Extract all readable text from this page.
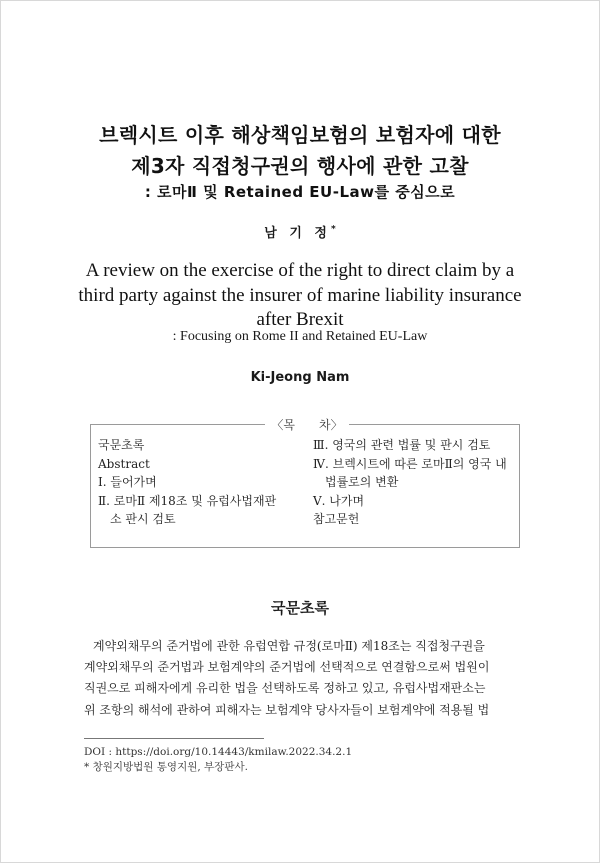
브렉시트 이후 해상책임보험의 보험자에 대한
제3자 직접청구권의 행사에 관한 고찰
: 로마Ⅱ 및 Retained EU-Law를 중심으로
남 기 정*
A review on the exercise of the right to direct claim by a
third party against the insurer of marine liability insurance
after Brexit
: Focusing on Rome II and Retained EU-Law
Ki-Jeong Nam
〈목　　차〉
국문초록
Abstract
Ⅰ. 들어가며
Ⅱ. 로마Ⅱ 제18조 및 유럽사법재판
소 판시 검토
Ⅲ. 영국의 관련 법률 및 판시 검토
Ⅳ. 브렉시트에 따른 로마Ⅱ의 영국 내
법률로의 변환
Ⅴ. 나가며
참고문헌
국문초록
계약외채무의 준거법에 관한 유럽연합 규정(로마Ⅱ) 제18조는 직접청구권을
계약외채무의 준거법과 보험계약의 준거법에 선택적으로 연결함으로써 법원이
직권으로 피해자에게 유리한 법을 선택하도록 정하고 있고, 유럽사법재판소는
위 조항의 해석에 관하여 피해자는 보험계약 당사자들이 보험계약에 적용될 법
DOI : https://doi.org/10.14443/kmilaw.2022.34.2.1
* 창원지방법원 통영지원, 부장판사.
